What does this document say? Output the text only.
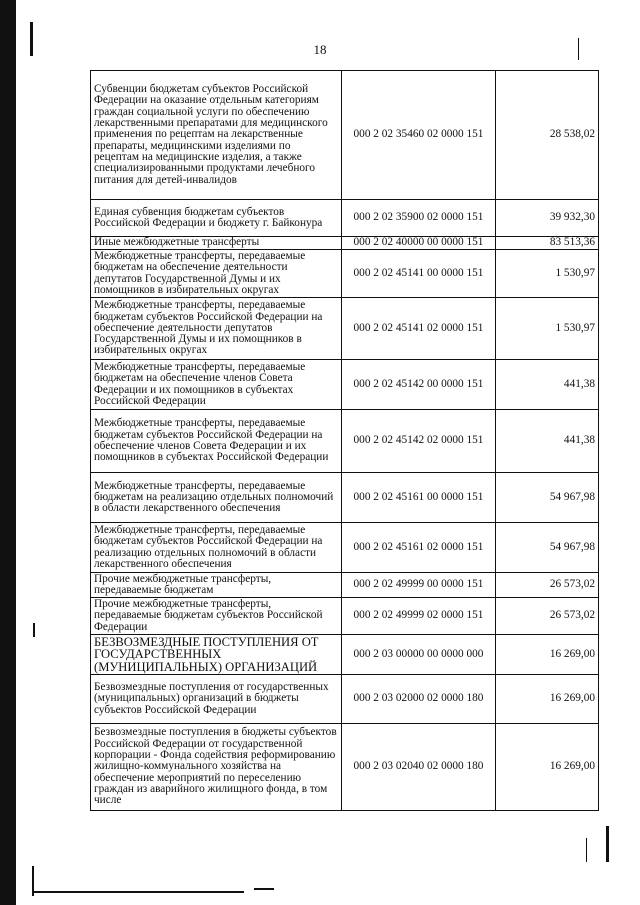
18
Субвенции бюджетам субъектов Российской Федерации на оказание отдельным категориям граждан социальной услуги по обеспечению лекарственными препаратами для медицинского применения по рецептам на лекарственные препараты, медицинскими изделиями по рецептам на медицинские изделия, а также специализированными продуктами лечебного питания для детей-инвалидов	000 2 02 35460 02 0000 151	28 538,02
Единая субвенция бюджетам субъектов Российской Федерации и бюджету г. Байконура	000 2 02 35900 02 0000 151	39 932,30
Иные межбюджетные трансферты	000 2 02 40000 00 0000 151	83 513,36
Межбюджетные трансферты, передаваемые бюджетам на обеспечение деятельности депутатов Государственной Думы и их помощников в избирательных округах	000 2 02 45141 00 0000 151	1 530,97
Межбюджетные трансферты, передаваемые бюджетам субъектов Российской Федерации на обеспечение деятельности депутатов Государственной Думы и их помощников в избирательных округах	000 2 02 45141 02 0000 151	1 530,97
Межбюджетные трансферты, передаваемые бюджетам на обеспечение членов Совета Федерации и их помощников в субъектах Российской Федерации	000 2 02 45142 00 0000 151	441,38
Межбюджетные трансферты, передаваемые бюджетам субъектов Российской Федерации на обеспечение членов Совета Федерации и их помощников в субъектах Российской Федерации	000 2 02 45142 02 0000 151	441,38
Межбюджетные трансферты, передаваемые бюджетам на реализацию отдельных полномочий в области лекарственного обеспечения	000 2 02 45161 00 0000 151	54 967,98
Межбюджетные трансферты, передаваемые бюджетам субъектов Российской Федерации на реализацию отдельных полномочий в области лекарственного обеспечения	000 2 02 45161 02 0000 151	54 967,98
Прочие межбюджетные трансферты, передаваемые бюджетам	000 2 02 49999 00 0000 151	26 573,02
Прочие межбюджетные трансферты, передаваемые бюджетам субъектов Российской Федерации	000 2 02 49999 02 0000 151	26 573,02
БЕЗВОЗМЕЗДНЫЕ ПОСТУПЛЕНИЯ ОТ ГОСУДАРСТВЕННЫХ (МУНИЦИПАЛЬНЫХ) ОРГАНИЗАЦИЙ	000 2 03 00000 00 0000 000	16 269,00
Безвозмездные поступления от государственных (муниципальных) организаций в бюджеты субъектов Российской Федерации	000 2 03 02000 02 0000 180	16 269,00
Безвозмездные поступления в бюджеты субъектов Российской Федерации от государственной корпорации - Фонда содействия реформированию жилищно-коммунального хозяйства на обеспечение мероприятий по переселению граждан из аварийного жилищного фонда, в том числе	000 2 03 02040 02 0000 180	16 269,00
